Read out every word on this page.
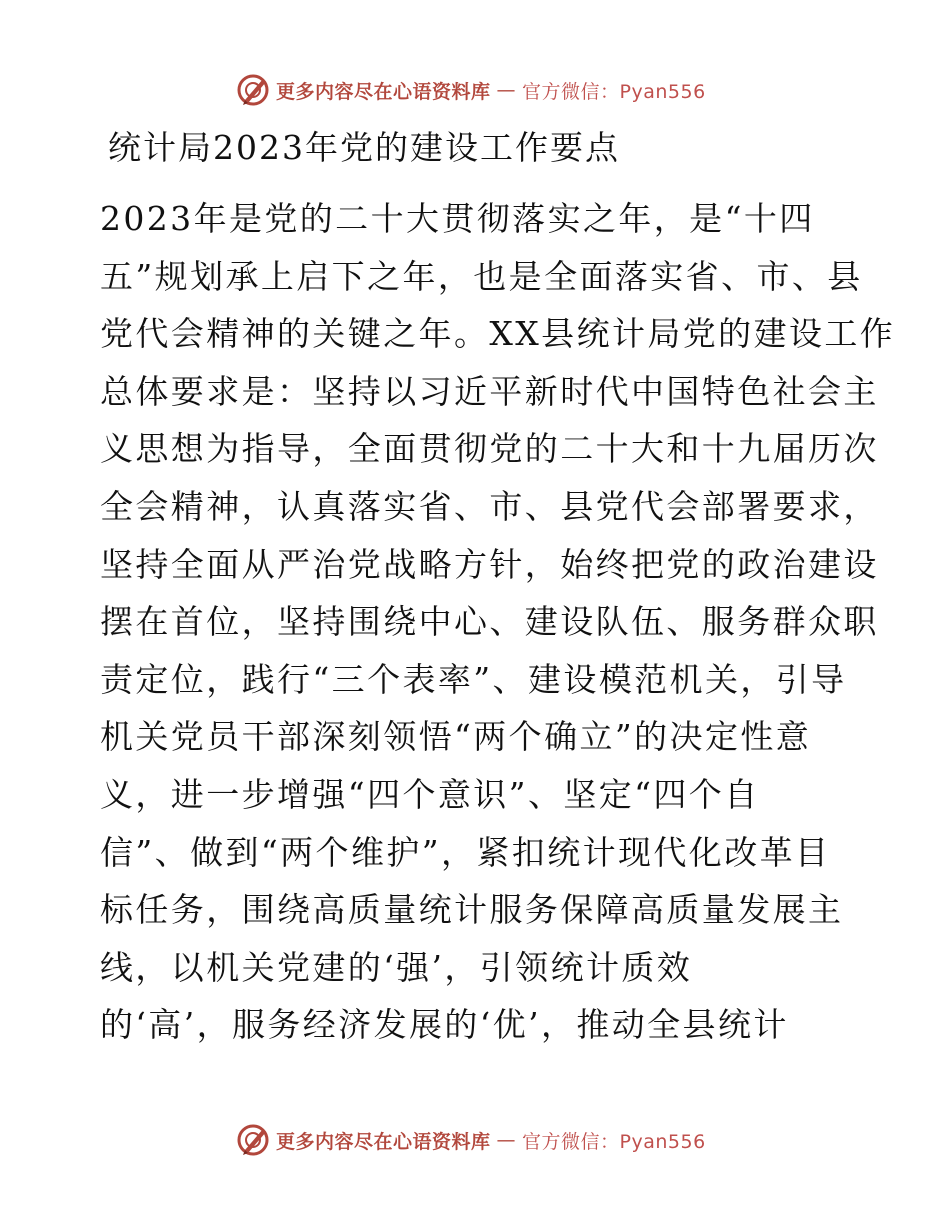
更多内容尽在心语资料库 — 官方微信：Pyan556
统计局2023年党的建设工作要点
2023年是党的二十大贯彻落实之年，是“十四
五”规划承上启下之年，也是全面落实省、市、县
党代会精神的关键之年。XX县统计局党的建设工作
总体要求是：坚持以习近平新时代中国特色社会主
义思想为指导，全面贯彻党的二十大和十九届历次
全会精神，认真落实省、市、县党代会部署要求，
坚持全面从严治党战略方针，始终把党的政治建设
摆在首位，坚持围绕中心、建设队伍、服务群众职
责定位，践行“三个表率”、建设模范机关，引导
机关党员干部深刻领悟“两个确立”的决定性意
义，进一步增强“四个意识”、坚定“四个自
信”、做到“两个维护”，紧扣统计现代化改革目
标任务，围绕高质量统计服务保障高质量发展主
线，以机关党建的‘强’，引领统计质效
的‘高’，服务经济发展的‘优’，推动全县统计
更多内容尽在心语资料库 — 官方微信：Pyan556
